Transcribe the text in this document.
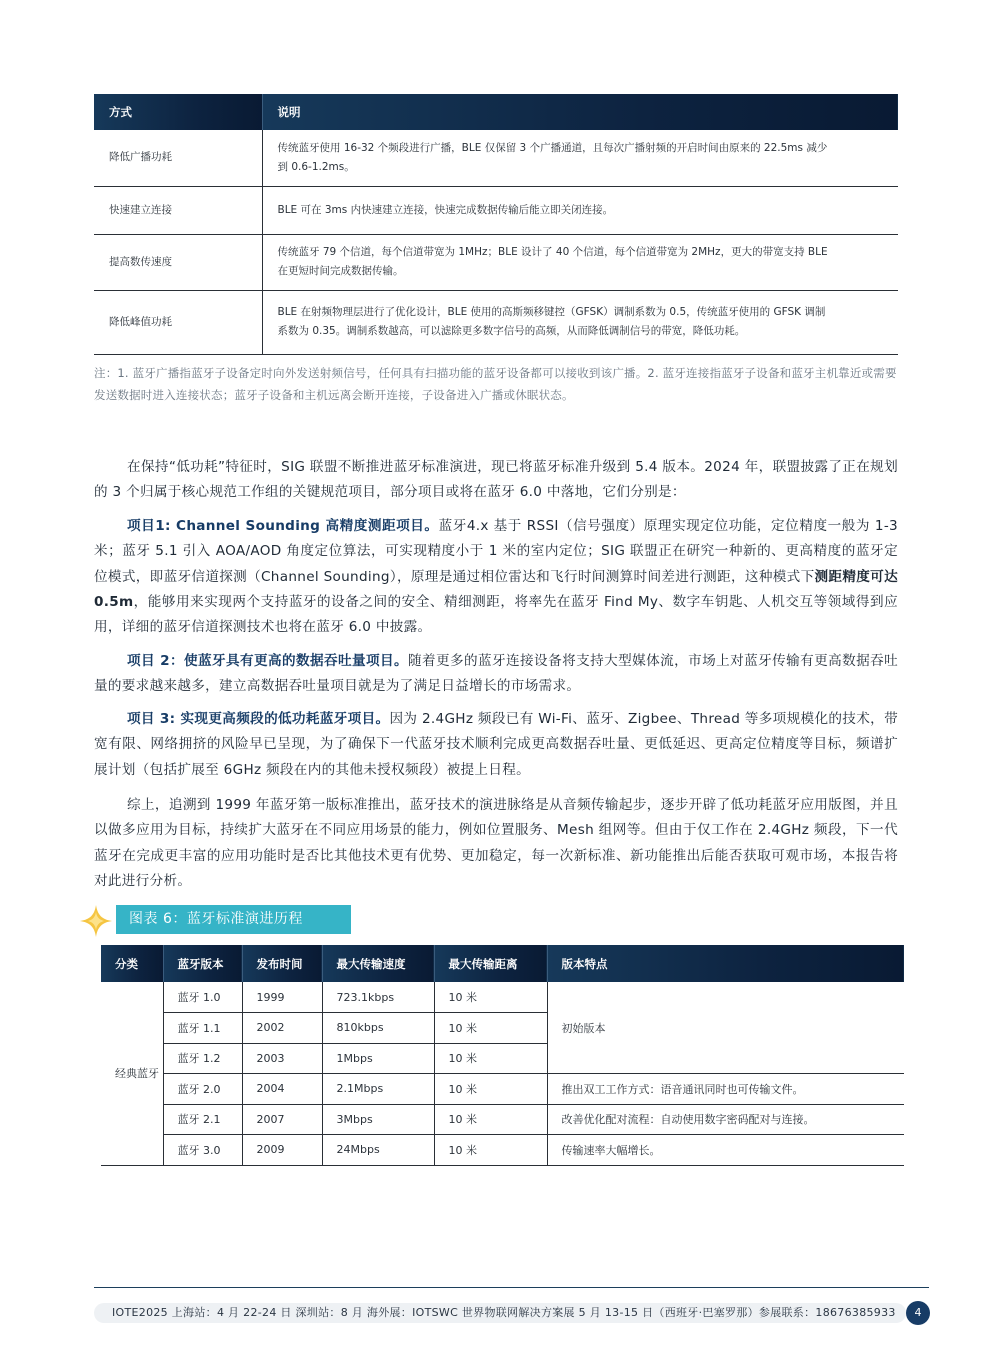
方式	说明
降低广播功耗	传统蓝牙使用 16-32 个频段进行广播，BLE 仅保留 3 个广播通道，且每次广播射频的开启时间由原来的 22.5ms 减少
到 0.6-1.2ms。
快速建立连接	BLE 可在 3ms 内快速建立连接，快速完成数据传输后能立即关闭连接。
提高数传速度	传统蓝牙 79 个信道，每个信道带宽为 1MHz；BLE 设计了 40 个信道，每个信道带宽为 2MHz，更大的带宽支持 BLE
在更短时间完成数据传输。
降低峰值功耗	BLE 在射频物理层进行了优化设计，BLE 使用的高斯频移键控（GFSK）调制系数为 0.5，传统蓝牙使用的 GFSK 调制
系数为 0.35。调制系数越高，可以滤除更多数字信号的高频，从而降低调制信号的带宽，降低功耗。
注：1. 蓝牙广播指蓝牙子设备定时向外发送射频信号，任何具有扫描功能的蓝牙设备都可以接收到该广播。2. 蓝牙连接指蓝牙子设备和蓝牙主机靠近或需要发送数据时进入连接状态；蓝牙子设备和主机远离会断开连接，子设备进入广播或休眠状态。

在保持“低功耗”特征时，SIG 联盟不断推进蓝牙标准演进，现已将蓝牙标准升级到 5.4 版本。2024 年，联盟披露了正在规划的 3 个归属于核心规范工作组的关键规范项目，部分项目或将在蓝牙 6.0 中落地，它们分别是：

项目1: Channel Sounding 高精度测距项目。蓝牙4.x 基于 RSSI（信号强度）原理实现定位功能，定位精度一般为 1-3 米；蓝牙 5.1 引入 AOA/AOD 角度定位算法，可实现精度小于 1 米的室内定位；SIG 联盟正在研究一种新的、更高精度的蓝牙定位模式，即蓝牙信道探测（Channel Sounding），原理是通过相位雷达和飞行时间测算时间差进行测距，这种模式下测距精度可达 0.5m，能够用来实现两个支持蓝牙的设备之间的安全、精细测距，将率先在蓝牙 Find My、数字车钥匙、人机交互等领域得到应用，详细的蓝牙信道探测技术也将在蓝牙 6.0 中披露。

项目 2：使蓝牙具有更高的数据吞吐量项目。随着更多的蓝牙连接设备将支持大型媒体流，市场上对蓝牙传输有更高数据吞吐量的要求越来越多，建立高数据吞吐量项目就是为了满足日益增长的市场需求。

项目 3: 实现更高频段的低功耗蓝牙项目。因为 2.4GHz 频段已有 Wi-Fi、蓝牙、Zigbee、Thread 等多项规模化的技术，带宽有限、网络拥挤的风险早已呈现，为了确保下一代蓝牙技术顺利完成更高数据吞吐量、更低延迟、更高定位精度等目标，频谱扩展计划（包括扩展至 6GHz 频段在内的其他未授权频段）被提上日程。

综上，追溯到 1999 年蓝牙第一版标准推出，蓝牙技术的演进脉络是从音频传输起步，逐步开辟了低功耗蓝牙应用版图，并且以做多应用为目标，持续扩大蓝牙在不同应用场景的能力，例如位置服务、Mesh 组网等。但由于仅工作在 2.4GHz 频段，下一代蓝牙在完成更丰富的应用功能时是否比其他技术更有优势、更加稳定，每一次新标准、新功能推出后能否获取可观市场，本报告将对此进行分析。

图表 6：蓝牙标准演进历程
分类	蓝牙版本	发布时间	最大传输速度	最大传输距离	版本特点
经典蓝牙	蓝牙 1.0	1999	723.1kbps	10 米	初始版本
	蓝牙 1.1	2002	810kbps	10 米	
	蓝牙 1.2	2003	1Mbps	10 米	
	蓝牙 2.0	2004	2.1Mbps	10 米	推出双工工作方式：语音通讯同时也可传输文件。
	蓝牙 2.1	2007	3Mbps	10 米	改善优化配对流程：自动使用数字密码配对与连接。
	蓝牙 3.0	2009	24Mbps	10 米	传输速率大幅增长。
IOTE2025 上海站：4 月 22-24 日 深圳站：8 月 海外展：IOTSWC 世界物联网解决方案展 5 月 13-15 日（西班牙·巴塞罗那）参展联系：18676385933	4
